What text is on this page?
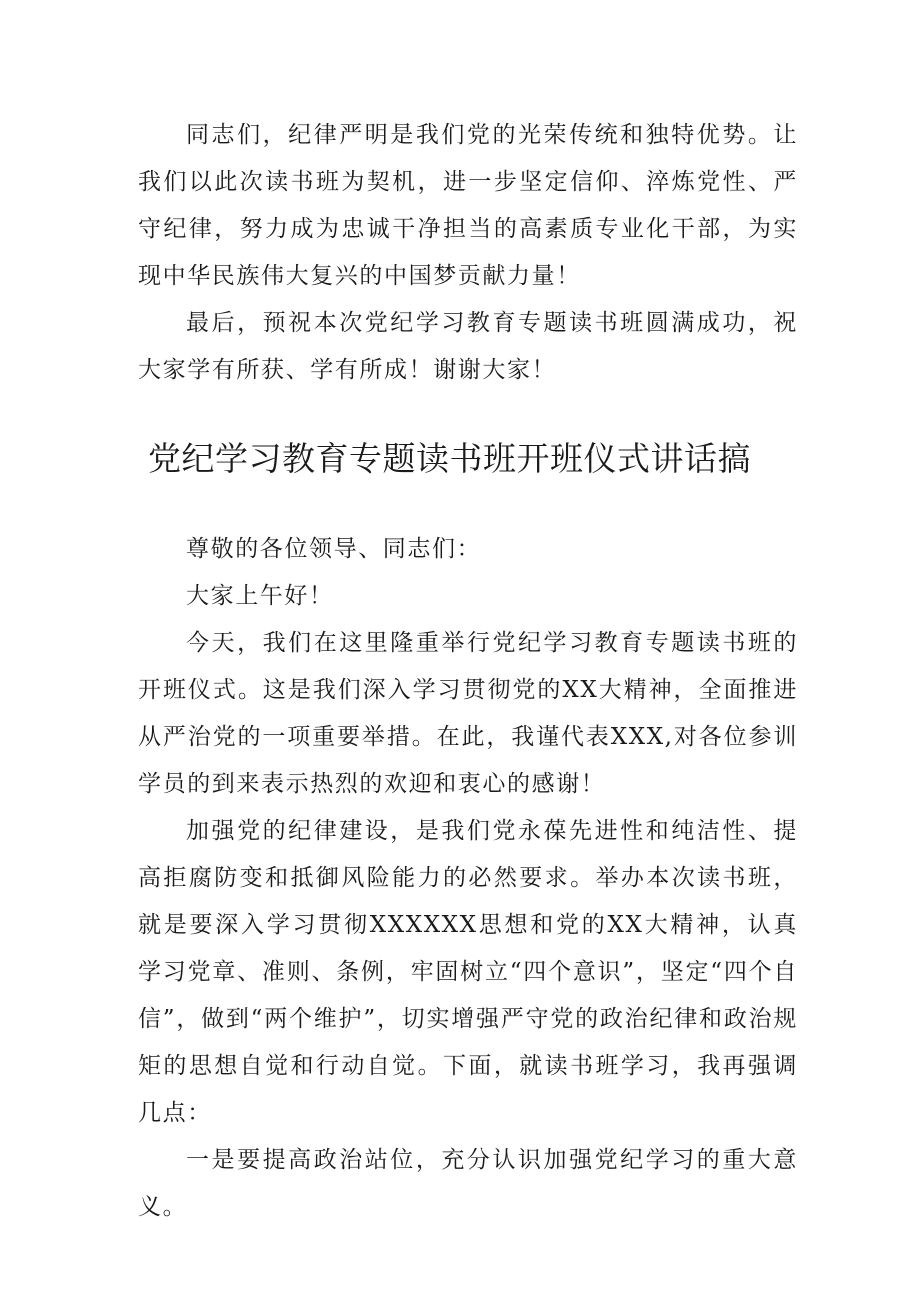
同志们，纪律严明是我们党的光荣传统和独特优势。让我们以此次读书班为契机，进一步坚定信仰、淬炼党性、严守纪律，努力成为忠诚干净担当的高素质专业化干部，为实现中华民族伟大复兴的中国梦贡献力量！

最后，预祝本次党纪学习教育专题读书班圆满成功，祝大家学有所获、学有所成！谢谢大家！

党纪学习教育专题读书班开班仪式讲话搞

尊敬的各位领导、同志们：

大家上午好！

今天，我们在这里隆重举行党纪学习教育专题读书班的开班仪式。这是我们深入学习贯彻党的XX大精神，全面推进从严治党的一项重要举措。在此，我谨代表XXX,对各位参训学员的到来表示热烈的欢迎和衷心的感谢！

加强党的纪律建设，是我们党永葆先进性和纯洁性、提高拒腐防变和抵御风险能力的必然要求。举办本次读书班，就是要深入学习贯彻XXXXXX思想和党的XX大精神，认真学习党章、准则、条例，牢固树立“四个意识”，坚定“四个自信”，做到“两个维护”，切实增强严守党的政治纪律和政治规矩的思想自觉和行动自觉。下面，就读书班学习，我再强调几点：

一是要提高政治站位，充分认识加强党纪学习的重大意义。
